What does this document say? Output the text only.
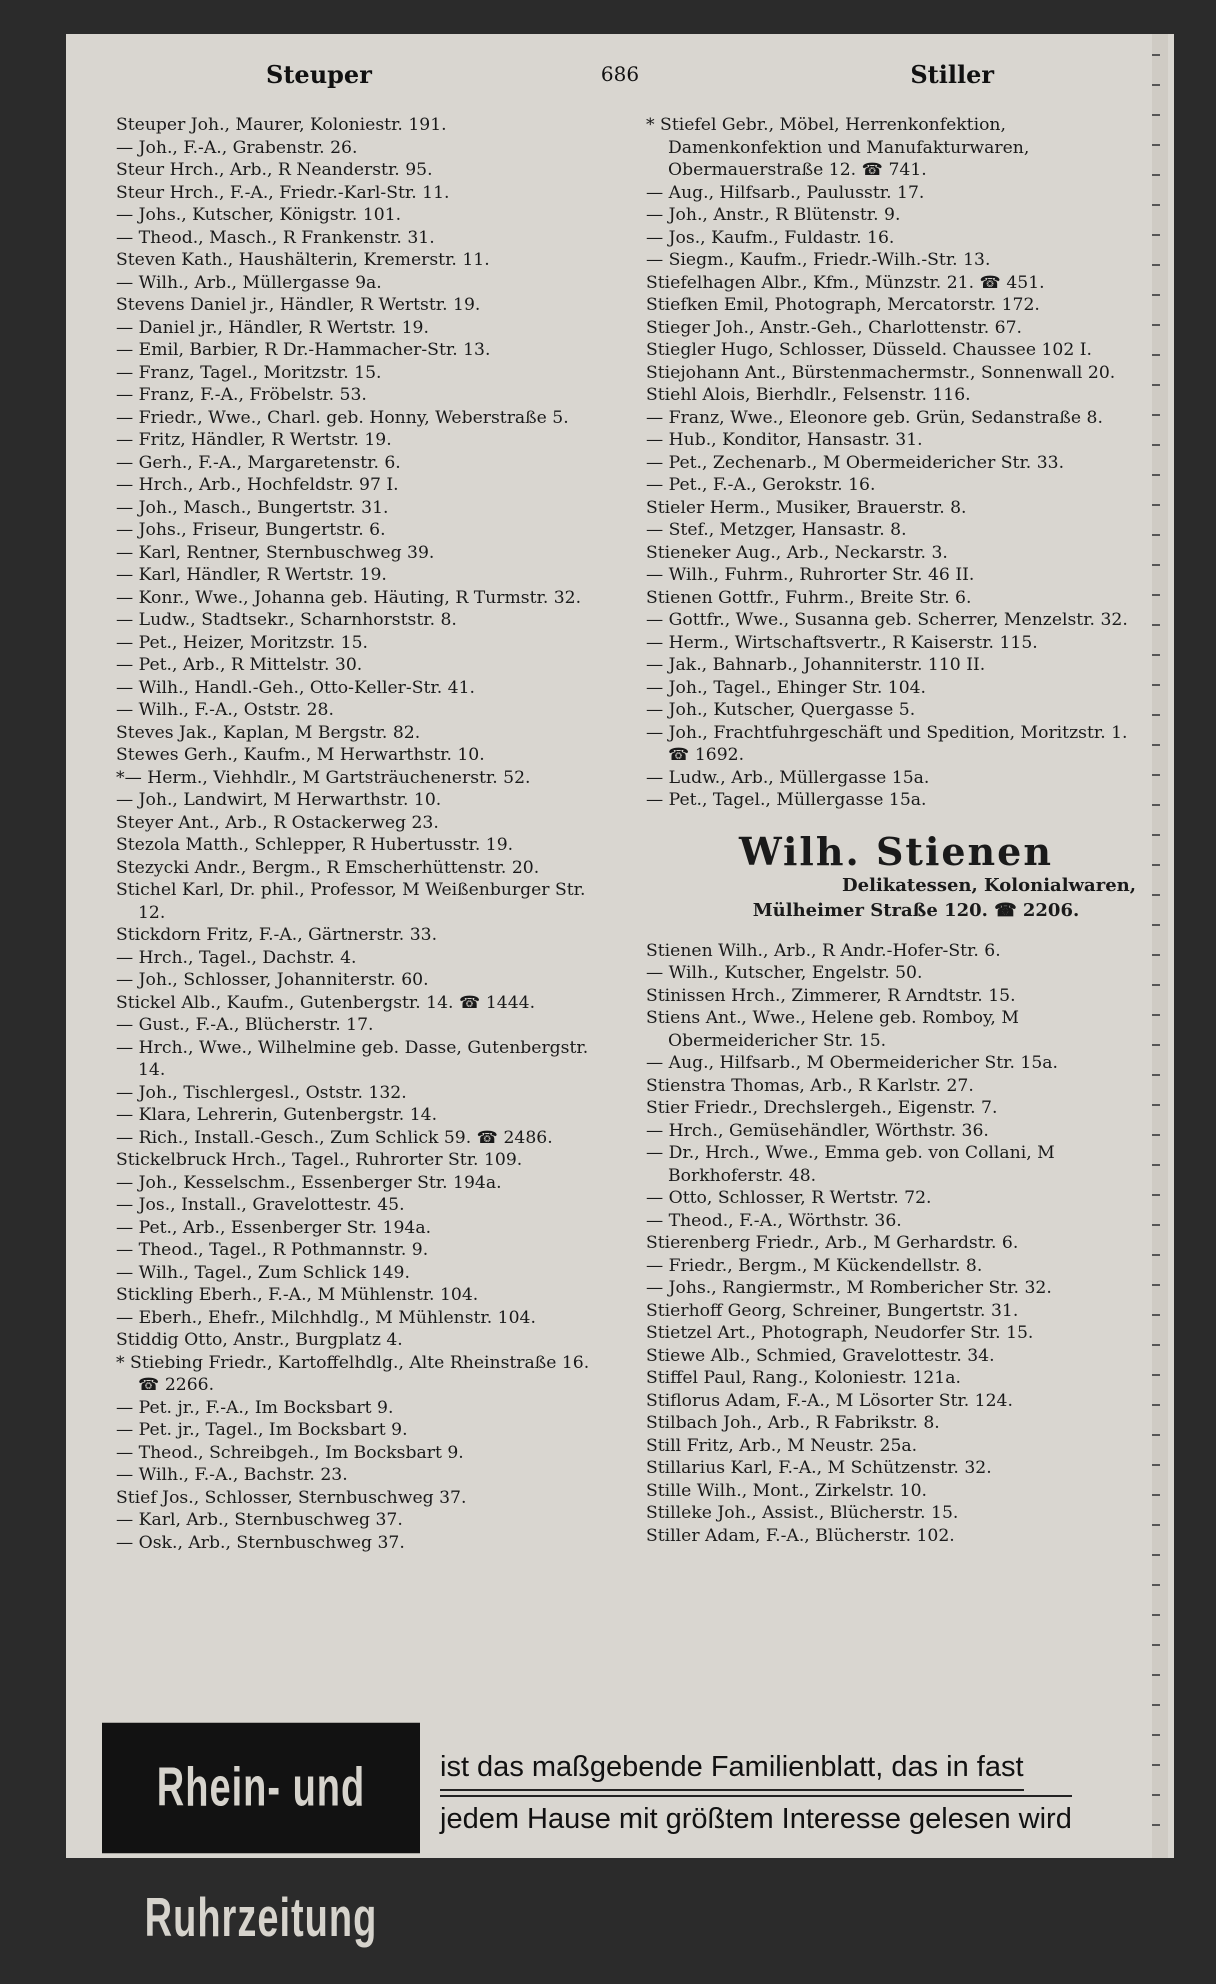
Steuper	686	Stiller

Steuper Joh., Maurer, Koloniestr. 191.

— Joh., F.-A., Grabenstr. 26.

Steur Hrch., Arb., R Neanderstr. 95.

Steur Hrch., F.-A., Friedr.-Karl-Str. 11.

— Johs., Kutscher, Königstr. 101.

— Theod., Masch., R Frankenstr. 31.

Steven Kath., Haushälterin, Kremerstr. 11.

— Wilh., Arb., Müllergasse 9a.

Stevens Daniel jr., Händler, R Wertstr. 19.

— Daniel jr., Händler, R Wertstr. 19.

— Emil, Barbier, R Dr.-Hammacher-Str. 13.

— Franz, Tagel., Moritzstr. 15.

— Franz, F.-A., Fröbelstr. 53.

— Friedr., Wwe., Charl. geb. Honny, Weberstraße 5.

— Fritz, Händler, R Wertstr. 19.

— Gerh., F.-A., Margaretenstr. 6.

— Hrch., Arb., Hochfeldstr. 97 I.

— Joh., Masch., Bungertstr. 31.

— Johs., Friseur, Bungertstr. 6.

— Karl, Rentner, Sternbuschweg 39.

— Karl, Händler, R Wertstr. 19.

— Konr., Wwe., Johanna geb. Häuting, R Turmstr. 32.

— Ludw., Stadtsekr., Scharnhorststr. 8.

— Pet., Heizer, Moritzstr. 15.

— Pet., Arb., R Mittelstr. 30.

— Wilh., Handl.-Geh., Otto-Keller-Str. 41.

— Wilh., F.-A., Oststr. 28.

Steves Jak., Kaplan, M Bergstr. 82.

Stewes Gerh., Kaufm., M Herwarthstr. 10.

*— Herm., Viehhdlr., M Gartsträuchenerstr. 52.

— Joh., Landwirt, M Herwarthstr. 10.

Steyer Ant., Arb., R Ostackerweg 23.

Stezola Matth., Schlepper, R Hubertusstr. 19.

Stezycki Andr., Bergm., R Emscherhüttenstr. 20.

Stichel Karl, Dr. phil., Professor, M Weißenburger Str. 12.

Stickdorn Fritz, F.-A., Gärtnerstr. 33.

— Hrch., Tagel., Dachstr. 4.

— Joh., Schlosser, Johanniterstr. 60.

Stickel Alb., Kaufm., Gutenbergstr. 14. ☎ 1444.

— Gust., F.-A., Blücherstr. 17.

— Hrch., Wwe., Wilhelmine geb. Dasse, Gutenbergstr. 14.

— Joh., Tischlergesl., Oststr. 132.

— Klara, Lehrerin, Gutenbergstr. 14.

— Rich., Install.-Gesch., Zum Schlick 59. ☎ 2486.

Stickelbruck Hrch., Tagel., Ruhrorter Str. 109.

— Joh., Kesselschm., Essenberger Str. 194a.

— Jos., Install., Gravelottestr. 45.

— Pet., Arb., Essenberger Str. 194a.

— Theod., Tagel., R Pothmannstr. 9.

— Wilh., Tagel., Zum Schlick 149.

Stickling Eberh., F.-A., M Mühlenstr. 104.

— Eberh., Ehefr., Milchhdlg., M Mühlenstr. 104.

Stiddig Otto, Anstr., Burgplatz 4.

* Stiebing Friedr., Kartoffelhdlg., Alte Rheinstraße 16. ☎ 2266.

— Pet. jr., F.-A., Im Bocksbart 9.

— Pet. jr., Tagel., Im Bocksbart 9.

— Theod., Schreibgeh., Im Bocksbart 9.

— Wilh., F.-A., Bachstr. 23.

Stief Jos., Schlosser, Sternbuschweg 37.

— Karl, Arb., Sternbuschweg 37.

— Osk., Arb., Sternbuschweg 37.

* Stiefel Gebr., Möbel, Herrenkonfektion, Damenkonfektion und Manufakturwaren, Obermauerstraße 12. ☎ 741.

— Aug., Hilfsarb., Paulusstr. 17.

— Joh., Anstr., R Blütenstr. 9.

— Jos., Kaufm., Fuldastr. 16.

— Siegm., Kaufm., Friedr.-Wilh.-Str. 13.

Stiefelhagen Albr., Kfm., Münzstr. 21. ☎ 451.

Stiefken Emil, Photograph, Mercatorstr. 172.

Stieger Joh., Anstr.-Geh., Charlottenstr. 67.

Stiegler Hugo, Schlosser, Düsseld. Chaussee 102 I.

Stiejohann Ant., Bürstenmachermstr., Sonnenwall 20.

Stiehl Alois, Bierhdlr., Felsenstr. 116.

— Franz, Wwe., Eleonore geb. Grün, Sedanstraße 8.

— Hub., Konditor, Hansastr. 31.

— Pet., Zechenarb., M Obermeidericher Str. 33.

— Pet., F.-A., Gerokstr. 16.

Stieler Herm., Musiker, Brauerstr. 8.

— Stef., Metzger, Hansastr. 8.

Stieneker Aug., Arb., Neckarstr. 3.

— Wilh., Fuhrm., Ruhrorter Str. 46 II.

Stienen Gottfr., Fuhrm., Breite Str. 6.

— Gottfr., Wwe., Susanna geb. Scherrer, Menzelstr. 32.

— Herm., Wirtschaftsvertr., R Kaiserstr. 115.

— Jak., Bahnarb., Johanniterstr. 110 II.

— Joh., Tagel., Ehinger Str. 104.

— Joh., Kutscher, Quergasse 5.

— Joh., Frachtfuhrgeschäft und Spedition, Moritzstr. 1. ☎ 1692.

— Ludw., Arb., Müllergasse 15a.

— Pet., Tagel., Müllergasse 15a.

Wilh. Stienen
Delikatessen, Kolonialwaren,
Mülheimer Straße 120. ☎ 2206.

Stienen Wilh., Arb., R Andr.-Hofer-Str. 6.

— Wilh., Kutscher, Engelstr. 50.

Stinissen Hrch., Zimmerer, R Arndtstr. 15.

Stiens Ant., Wwe., Helene geb. Romboy, M Obermeidericher Str. 15.

— Aug., Hilfsarb., M Obermeidericher Str. 15a.

Stienstra Thomas, Arb., R Karlstr. 27.

Stier Friedr., Drechslergeh., Eigenstr. 7.

— Hrch., Gemüsehändler, Wörthstr. 36.

— Dr., Hrch., Wwe., Emma geb. von Collani, M Borkhoferstr. 48.

— Otto, Schlosser, R Wertstr. 72.

— Theod., F.-A., Wörthstr. 36.

Stierenberg Friedr., Arb., M Gerhardstr. 6.

— Friedr., Bergm., M Kückendellstr. 8.

— Johs., Rangiermstr., M Rombericher Str. 32.

Stierhoff Georg, Schreiner, Bungertstr. 31.

Stietzel Art., Photograph, Neudorfer Str. 15.

Stiewe Alb., Schmied, Gravelottestr. 34.

Stiffel Paul, Rang., Koloniestr. 121a.

Stiflorus Adam, F.-A., M Lösorter Str. 124.

Stilbach Joh., Arb., R Fabrikstr. 8.

Still Fritz, Arb., M Neustr. 25a.

Stillarius Karl, F.-A., M Schützenstr. 32.

Stille Wilh., Mont., Zirkelstr. 10.

Stilleke Joh., Assist., Blücherstr. 15.

Stiller Adam, F.-A., Blücherstr. 102.

Rhein- und Ruhrzeitung
ist das maßgebende Familienblatt, das in fast
jedem Hause mit größtem Interesse gelesen wird
